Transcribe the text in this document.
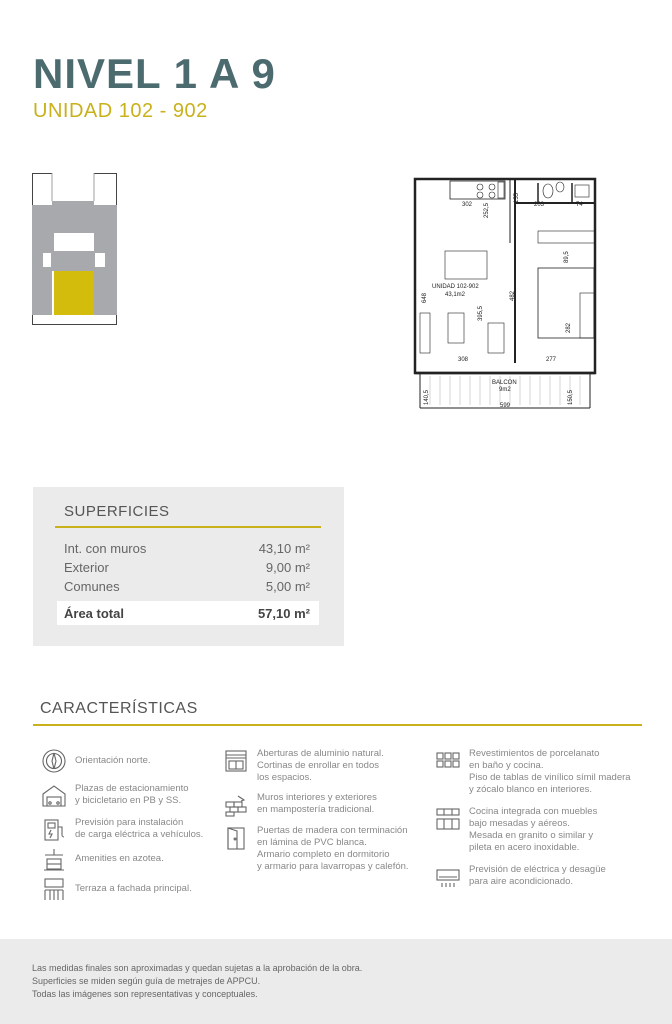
NIVEL 1 A 9
UNIDAD 102 - 902
302	203	74
252,5
155
89,5
648	482
395,5
282
308	277
140,5	150,5
599
UNIDAD 102-902
43,1m2
BALCON
9m2
SUPERFICIES
Int. con muros	43,10 m²
Exterior	9,00 m²
Comunes	5,00 m²
Área total	57,10 m²
CARACTERÍSTICAS
Orientación norte.
Plazas de estacionamiento
y bicicletario en PB y SS.
Previsión para instalación
de carga eléctrica a vehículos.
Amenities en azotea.
Terraza a fachada principal.
Aberturas de aluminio natural.
Cortinas de enrollar en todos
los espacios.
Muros interiores y exteriores
en mampostería tradicional.
Puertas de madera con terminación
en lámina de PVC blanca.
Armario completo en dormitorio
y armario para lavarropas y calefón.
Revestimientos de porcelanato
en baño y cocina.
Piso de tablas de vinílico símil madera
y zócalo blanco en interiores.
Cocina integrada con muebles
bajo mesadas y aéreos.
Mesada en granito o similar y
pileta en acero inoxidable.
Previsión de eléctrica y desagüe
para aire acondicionado.

Las medidas finales son aproximadas y quedan sujetas a la aprobación de la obra.

Superficies se miden según guía de metrajes de APPCU.

Todas las imágenes son representativas y conceptuales.
